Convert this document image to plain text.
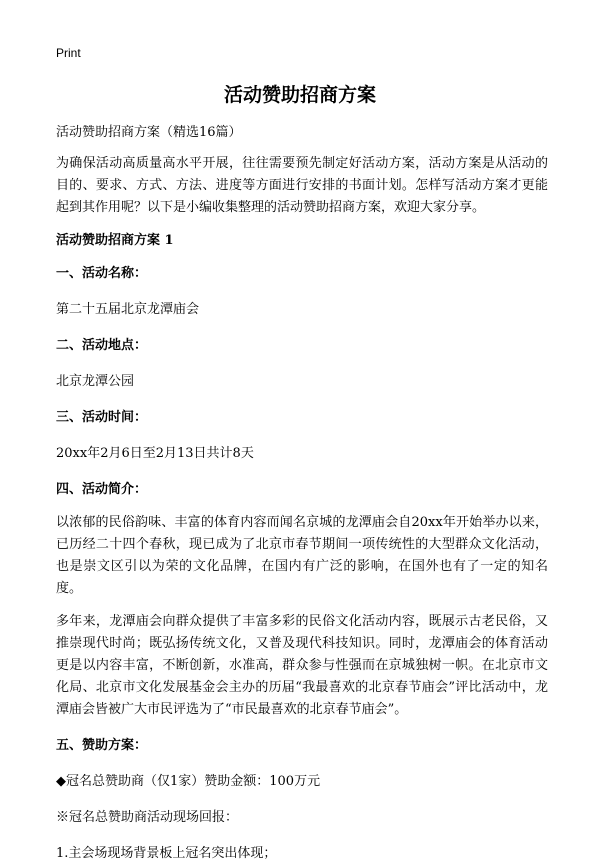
Print
活动赞助招商方案

活动赞助招商方案（精选16篇）

为确保活动高质量高水平开展，往往需要预先制定好活动方案，活动方案是从活动的目的、要求、方式、方法、进度等方面进行安排的书面计划。怎样写活动方案才更能起到其作用呢？以下是小编收集整理的活动赞助招商方案，欢迎大家分享。

活动赞助招商方案 1

一、活动名称：

第二十五届北京龙潭庙会

二、活动地点：

北京龙潭公园

三、活动时间：

20xx年2月6日至2月13日共计8天

四、活动简介：

以浓郁的民俗韵味、丰富的体育内容而闻名京城的龙潭庙会自20xx年开始举办以来，已历经二十四个春秋，现已成为了北京市春节期间一项传统性的大型群众文化活动，也是崇文区引以为荣的文化品牌，在国内有广泛的影响，在国外也有了一定的知名度。

多年来，龙潭庙会向群众提供了丰富多彩的民俗文化活动内容，既展示古老民俗，又推崇现代时尚；既弘扬传统文化，又普及现代科技知识。同时，龙潭庙会的体育活动更是以内容丰富，不断创新，水准高，群众参与性强而在京城独树一帜。在北京市文化局、北京市文化发展基金会主办的历届“我最喜欢的北京春节庙会”评比活动中，龙潭庙会皆被广大市民评选为了“市民最喜欢的北京春节庙会”。

五、赞助方案：

◆冠名总赞助商（仅1家）赞助金额：100万元

※冠名总赞助商活动现场回报：

1.主会场现场背景板上冠名突出体现；
